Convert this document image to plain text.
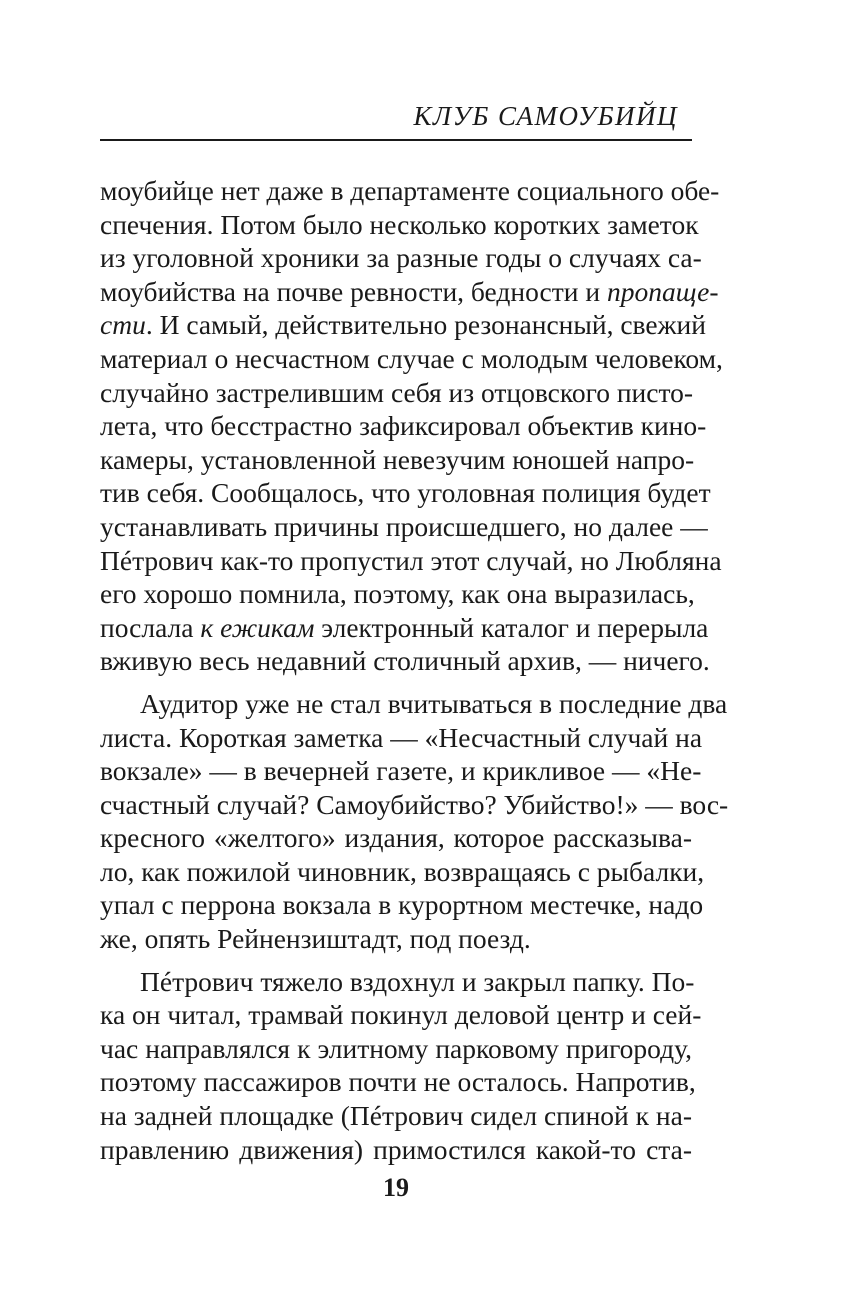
КЛУБ САМОУБИЙЦ
моубийце нет даже в департаменте социального обе-
спечения. Потом было несколько коротких заметок
из уголовной хроники за разные годы о случаях са-
моубийства на почве ревности, бедности и пропаще-
сти. И самый, действительно резонансный, свежий
материал о несчастном случае с молодым человеком,
случайно застрелившим себя из отцовского писто-
лета, что бесстрастно зафиксировал объектив кино-
камеры, установленной невезучим юношей напро-
тив себя. Сообщалось, что уголовная полиция будет
устанавливать причины происшедшего, но далее —
Пéтрович как-то пропустил этот случай, но Любляна
его хорошо помнила, поэтому, как она выразилась,
послала к ежикам электронный каталог и перерыла
вживую весь недавний столичный архив, — ничего.
Аудитор уже не стал вчитываться в последние два
листа. Короткая заметка — «Несчастный случай на
вокзале» — в вечерней газете, и крикливое — «Не-
счастный случай? Самоубийство? Убийство!» — вос-
кресного «желтого» издания, которое рассказыва-
ло, как пожилой чиновник, возвращаясь с рыбалки,
упал с перрона вокзала в курортном местечке, надо
же, опять Рейнензиштадт, под поезд.
Пéтрович тяжело вздохнул и закрыл папку. По-
ка он читал, трамвай покинул деловой центр и сей-
час направлялся к элитному парковому пригороду,
поэтому пассажиров почти не осталось. Напротив,
на задней площадке (Пéтрович сидел спиной к на-
правлению движения) примостился какой-то ста-
19
